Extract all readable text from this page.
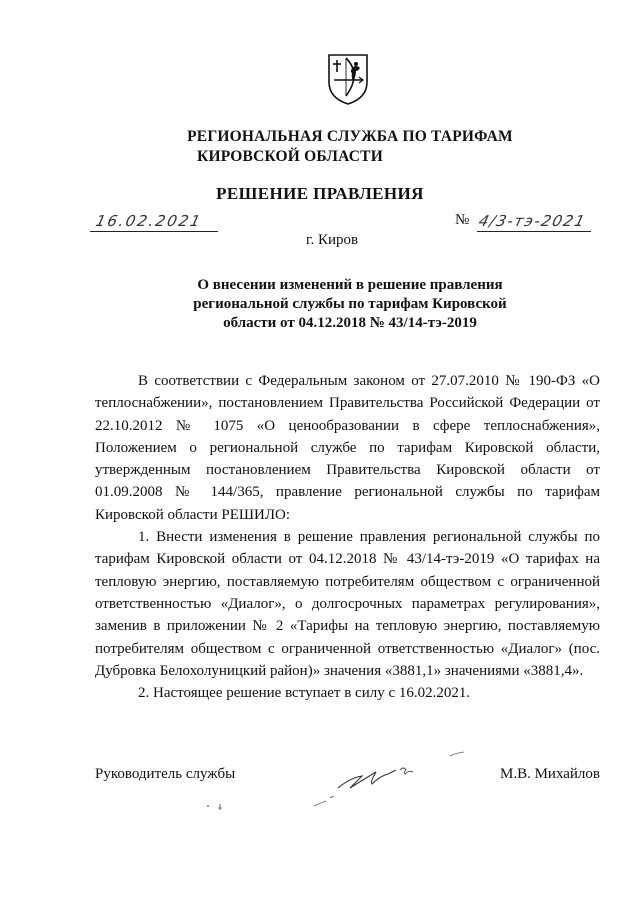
РЕГИОНАЛЬНАЯ СЛУЖБА ПО ТАРИФАМ
КИРОВСКОЙ ОБЛАСТИ
РЕШЕНИЕ ПРАВЛЕНИЯ
16.02.2021	№ 4/3-тэ-2021
г. Киров
О внесении изменений в решение правления
региональной службы по тарифам Кировской
области от 04.12.2018 № 43/14-тэ-2019

В соответствии с Федеральным законом от 27.07.2010 № 190-ФЗ «О теплоснабжении», постановлением Правительства Российской Федерации от 22.10.2012 № 1075 «О ценообразовании в сфере теплоснабжения», Положением о региональной службе по тарифам Кировской области, утвержденным постановлением Правительства Кировской области от 01.09.2008 № 144/365, правление региональной службы по тарифам Кировской области РЕШИЛО:

1. Внести изменения в решение правления региональной службы по тарифам Кировской области от 04.12.2018 № 43/14-тэ-2019 «О тарифах на тепловую энергию, поставляемую потребителям обществом с ограниченной ответственностью «Диалог», о долгосрочных параметрах регулирования», заменив в приложении № 2 «Тарифы на тепловую энергию, поставляемую потребителям обществом с ограниченной ответственностью «Диалог» (пос. Дубровка Белохолуницкий район)» значения «3881,1» значениями «3881,4».

2. Настоящее решение вступает в силу с 16.02.2021.

Руководитель службы	М.В. Михайлов
